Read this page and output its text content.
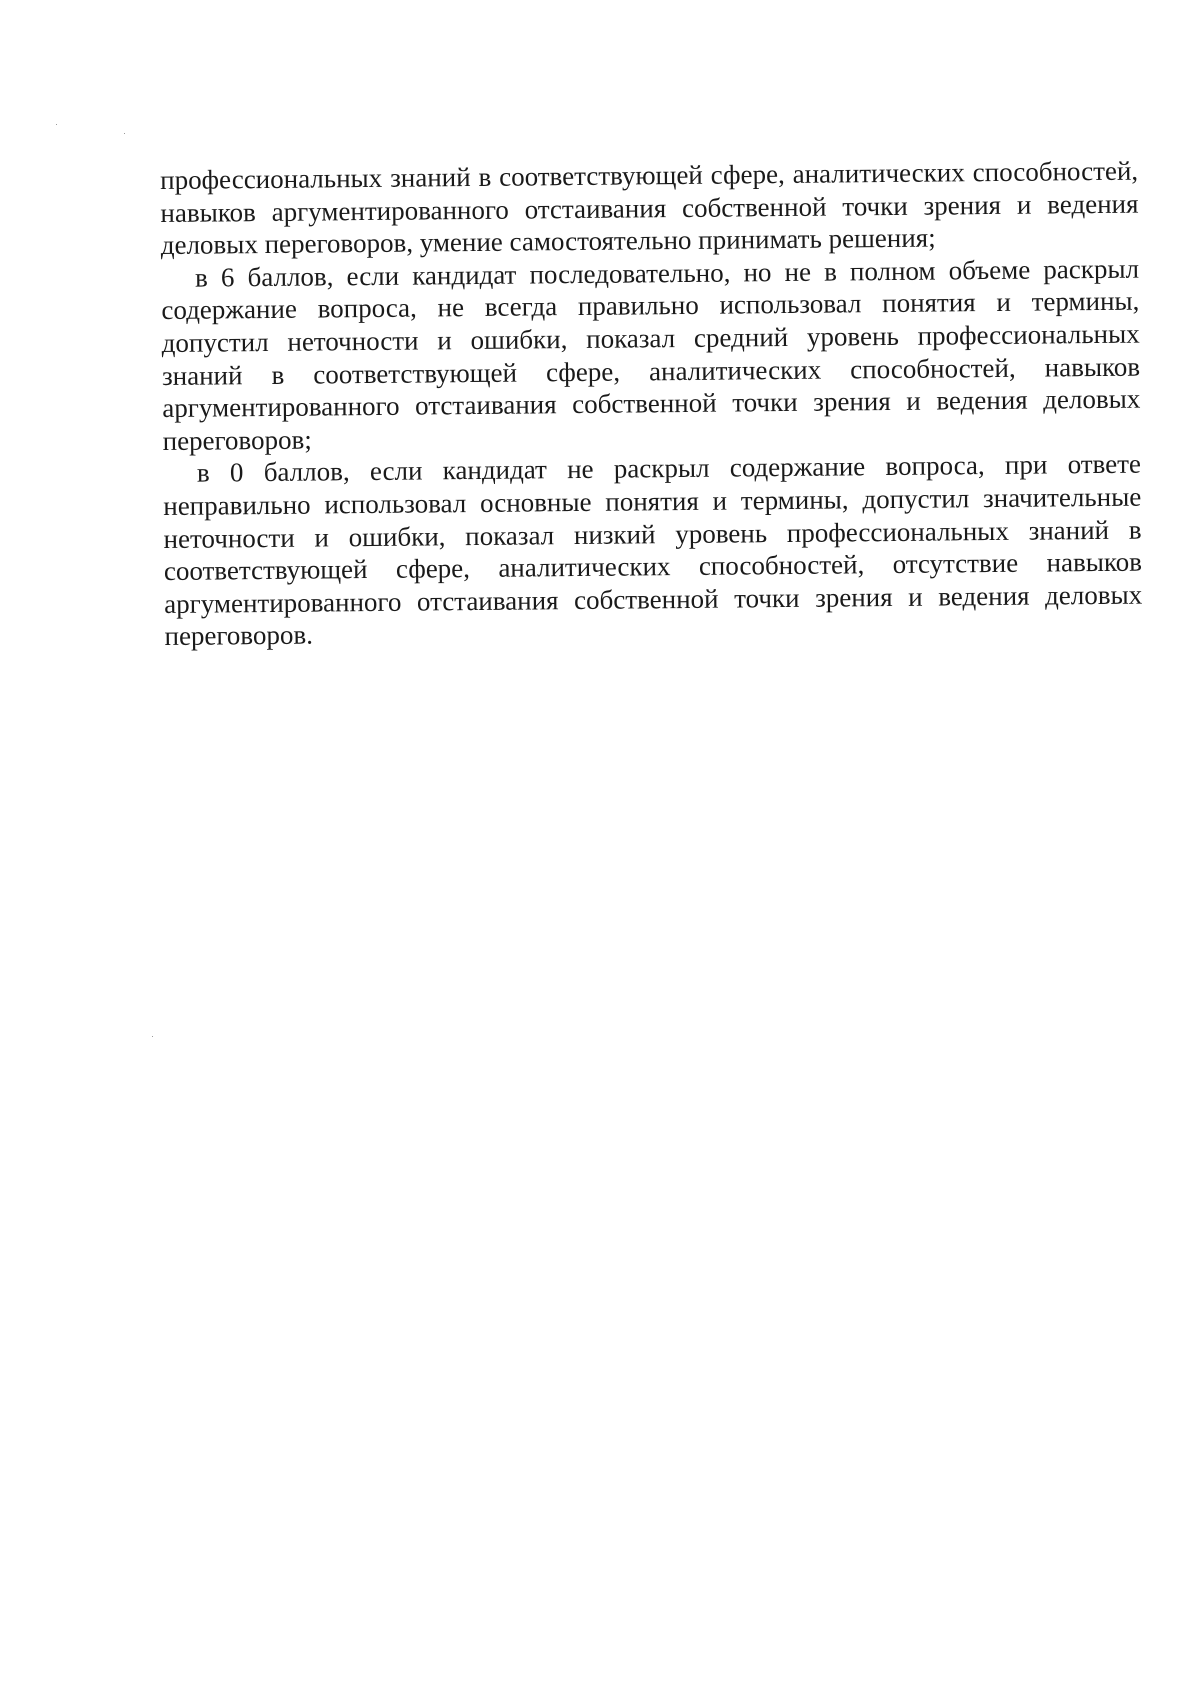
профессиональных знаний в соответствующей сфере, аналитических способностей, навыков аргументированного отстаивания собственной точки зрения и ведения деловых переговоров, умение самостоятельно принимать решения;

в 6 баллов, если кандидат последовательно, но не в полном объеме раскрыл содержание вопроса, не всегда правильно использовал понятия и термины, допустил неточности и ошибки, показал средний уровень профессиональных знаний в соответствующей сфере, аналитических способностей, навыков аргументированного отстаивания собственной точки зрения и ведения деловых переговоров;

в 0 баллов, если кандидат не раскрыл содержание вопроса, при ответе неправильно использовал основные понятия и термины, допустил значительные неточности и ошибки, показал низкий уровень профессиональных знаний в соответствующей сфере, аналитических способностей, отсутствие навыков аргументированного отстаивания собственной точки зрения и ведения деловых переговоров.
